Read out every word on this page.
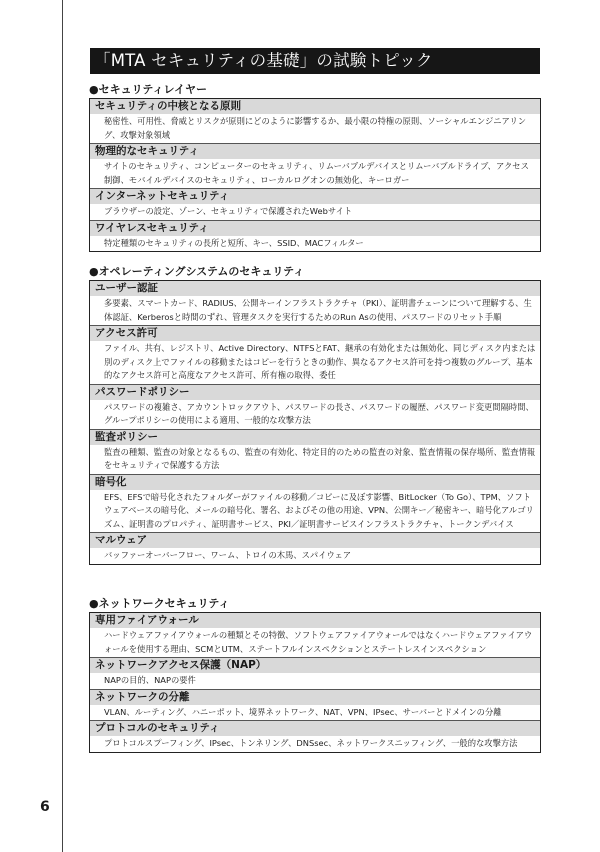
「MTA セキュリティの基礎」の試験トピック
●セキュリティレイヤー
セキュリティの中核となる原則
秘密性、可用性、脅威とリスクが原則にどのように影響するか、最小限の特権の原則、ソーシャルエンジニアリング、攻撃対象領域
物理的なセキュリティ
サイトのセキュリティ、コンピューターのセキュリティ、リムーバブルデバイスとリムーバブルドライブ、アクセス制御、モバイルデバイスのセキュリティ、ローカルログオンの無効化、キーロガー
インターネットセキュリティ
ブラウザーの設定、ゾーン、セキュリティで保護されたWebサイト
ワイヤレスセキュリティ
特定種類のセキュリティの長所と短所、キー、SSID、MACフィルター
●オペレーティングシステムのセキュリティ
ユーザー認証
多要素、スマートカード、RADIUS、公開キーインフラストラクチャ（PKI）、証明書チェーンについて理解する、生体認証、Kerberosと時間のずれ、管理タスクを実行するためのRun Asの使用、パスワードのリセット手順
アクセス許可
ファイル、共有、レジストリ、Active Directory、NTFSとFAT、継承の有効化または無効化、同じディスク内または別のディスク上でファイルの移動またはコピーを行うときの動作、異なるアクセス許可を持つ複数のグループ、基本的なアクセス許可と高度なアクセス許可、所有権の取得、委任
パスワードポリシー
パスワードの複雑さ、アカウントロックアウト、パスワードの長さ、パスワードの履歴、パスワード変更間隔時間、グループポリシーの使用による適用、一般的な攻撃方法
監査ポリシー
監査の種類、監査の対象となるもの、監査の有効化、特定目的のための監査の対象、監査情報の保存場所、監査情報をセキュリティで保護する方法
暗号化
EFS、EFSで暗号化されたフォルダーがファイルの移動／コピーに及ぼす影響、BitLocker（To Go）、TPM、ソフトウェアベースの暗号化、メールの暗号化、署名、およびその他の用途、VPN、公開キー／秘密キー、暗号化アルゴリズム、証明書のプロパティ、証明書サービス、PKI／証明書サービスインフラストラクチャ、トークンデバイス
マルウェア
バッファーオーバーフロー、ワーム、トロイの木馬、スパイウェア
●ネットワークセキュリティ
専用ファイアウォール
ハードウェアファイアウォールの種類とその特徴、ソフトウェアファイアウォールではなくハードウェアファイアウォールを使用する理由、SCMとUTM、ステートフルインスペクションとステートレスインスペクション
ネットワークアクセス保護（NAP）
NAPの目的、NAPの要件
ネットワークの分離
VLAN、ルーティング、ハニーポット、境界ネットワーク、NAT、VPN、IPsec、サーバーとドメインの分離
プロトコルのセキュリティ
プロトコルスプーフィング、IPsec、トンネリング、DNSsec、ネットワークスニッフィング、一般的な攻撃方法
6
